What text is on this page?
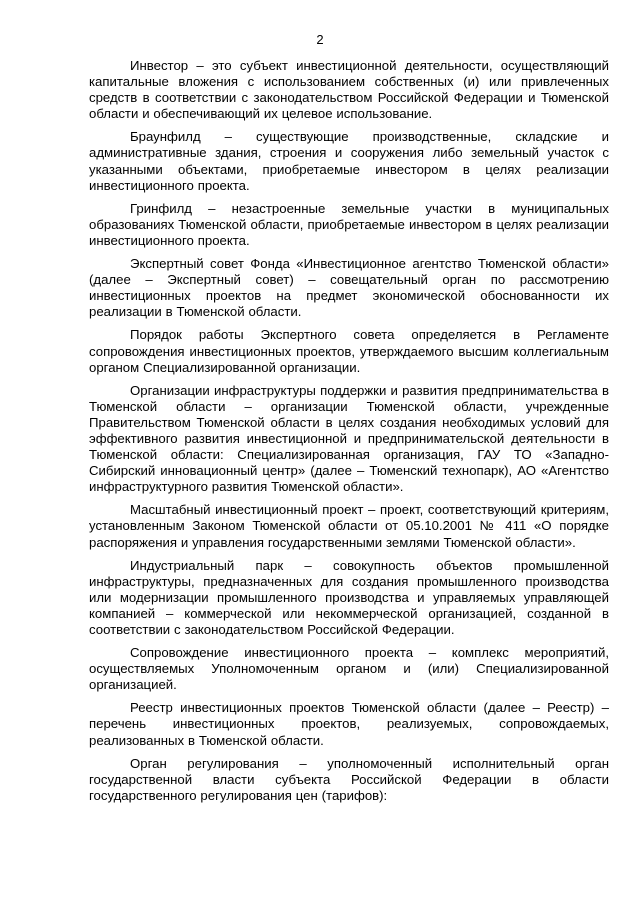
2

Инвестор – это субъект инвестиционной деятельности, осуществляющий капитальные вложения с использованием собственных (и) или привлеченных средств в соответствии с законодательством Российской Федерации и Тюменской области и обеспечивающий их целевое использование.

Браунфилд – существующие производственные, складские и административные здания, строения и сооружения либо земельный участок с указанными объектами, приобретаемые инвестором в целях реализации инвестиционного проекта.

Гринфилд – незастроенные земельные участки в муниципальных образованиях Тюменской области, приобретаемые инвестором в целях реализации инвестиционного проекта.

Экспертный совет Фонда «Инвестиционное агентство Тюменской области» (далее – Экспертный совет) – совещательный орган по рассмотрению инвестиционных проектов на предмет экономической обоснованности их реализации в Тюменской области.

Порядок работы Экспертного совета определяется в Регламенте сопровождения инвестиционных проектов, утверждаемого высшим коллегиальным органом Специализированной организации.

Организации инфраструктуры поддержки и развития предпринимательства в Тюменской области – организации Тюменской области, учрежденные Правительством Тюменской области в целях создания необходимых условий для эффективного развития инвестиционной и предпринимательской деятельности в Тюменской области: Специализированная организация, ГАУ ТО «Западно-Сибирский инновационный центр» (далее – Тюменский технопарк), АО «Агентство инфраструктурного развития Тюменской области».

Масштабный инвестиционный проект – проект, соответствующий критериям, установленным Законом Тюменской области от 05.10.2001 № 411 «О порядке распоряжения и управления государственными землями Тюменской области».

Индустриальный парк – совокупность объектов промышленной инфраструктуры, предназначенных для создания промышленного производства или модернизации промышленного производства и управляемых управляющей компанией – коммерческой или некоммерческой организацией, созданной в соответствии с законодательством Российской Федерации.

Сопровождение инвестиционного проекта – комплекс мероприятий, осуществляемых Уполномоченным органом и (или) Специализированной организацией.

Реестр инвестиционных проектов Тюменской области (далее – Реестр) – перечень инвестиционных проектов, реализуемых, сопровождаемых, реализованных в Тюменской области.

Орган регулирования – уполномоченный исполнительный орган государственной власти субъекта Российской Федерации в области государственного регулирования цен (тарифов):
